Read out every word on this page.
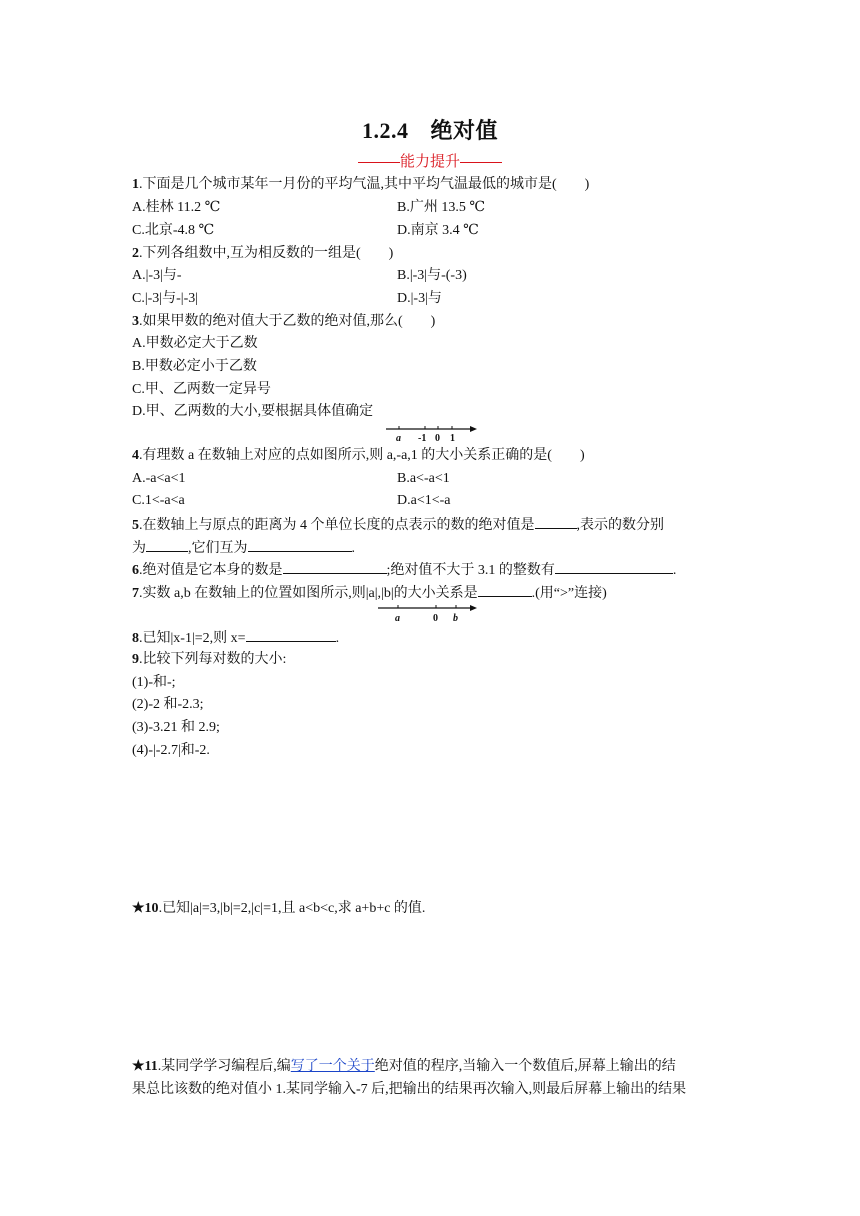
1.2.4 绝对值
能力提升
1.下面是几个城市某年一月份的平均气温,其中平均气温最低的城市是(　　)
A.桂林 11.2 ℃	B.广州 13.5 ℃
C.北京-4.8 ℃	D.南京 3.4 ℃
2.下列各组数中,互为相反数的一组是(　　)
A.|-3|与-	B.|-3|与-(-3)
C.|-3|与-|-3|	D.|-3|与
3.如果甲数的绝对值大于乙数的绝对值,那么(　　)
A.甲数必定大于乙数
B.甲数必定小于乙数
C.甲、乙两数一定异号
D.甲、乙两数的大小,要根据具体值确定
a -1 0 1
4.有理数 a 在数轴上对应的点如图所示,则 a,-a,1 的大小关系正确的是(　　)
A.-a<a<1	B.a<-a<1
C.1<-a<a	D.a<1<-a
5.在数轴上与原点的距离为 4 个单位长度的点表示的数的绝对值是	,表示的数分别
为	,它们互为	.
6.绝对值是它本身的数是	;绝对值不大于 3.1 的整数有	.
7.实数 a,b 在数轴上的位置如图所示,则|a|,|b|的大小关系是	.(用“>”连接)
a	0 b
8.已知|x-1|=2,则 x=	.
9.比较下列每对数的大小:
(1)-和-;
(2)-2 和-2.3;
(3)-3.21 和 2.9;
(4)-|-2.7|和-2.
★10.已知|a|=3,|b|=2,|c|=1,且 a<b<c,求 a+b+c 的值.
★11.某同学学习编程后,编写了一个关于绝对值的程序,当输入一个数值后,屏幕上输出的结
果总比该数的绝对值小 1.某同学输入-7 后,把输出的结果再次输入,则最后屏幕上输出的结果
